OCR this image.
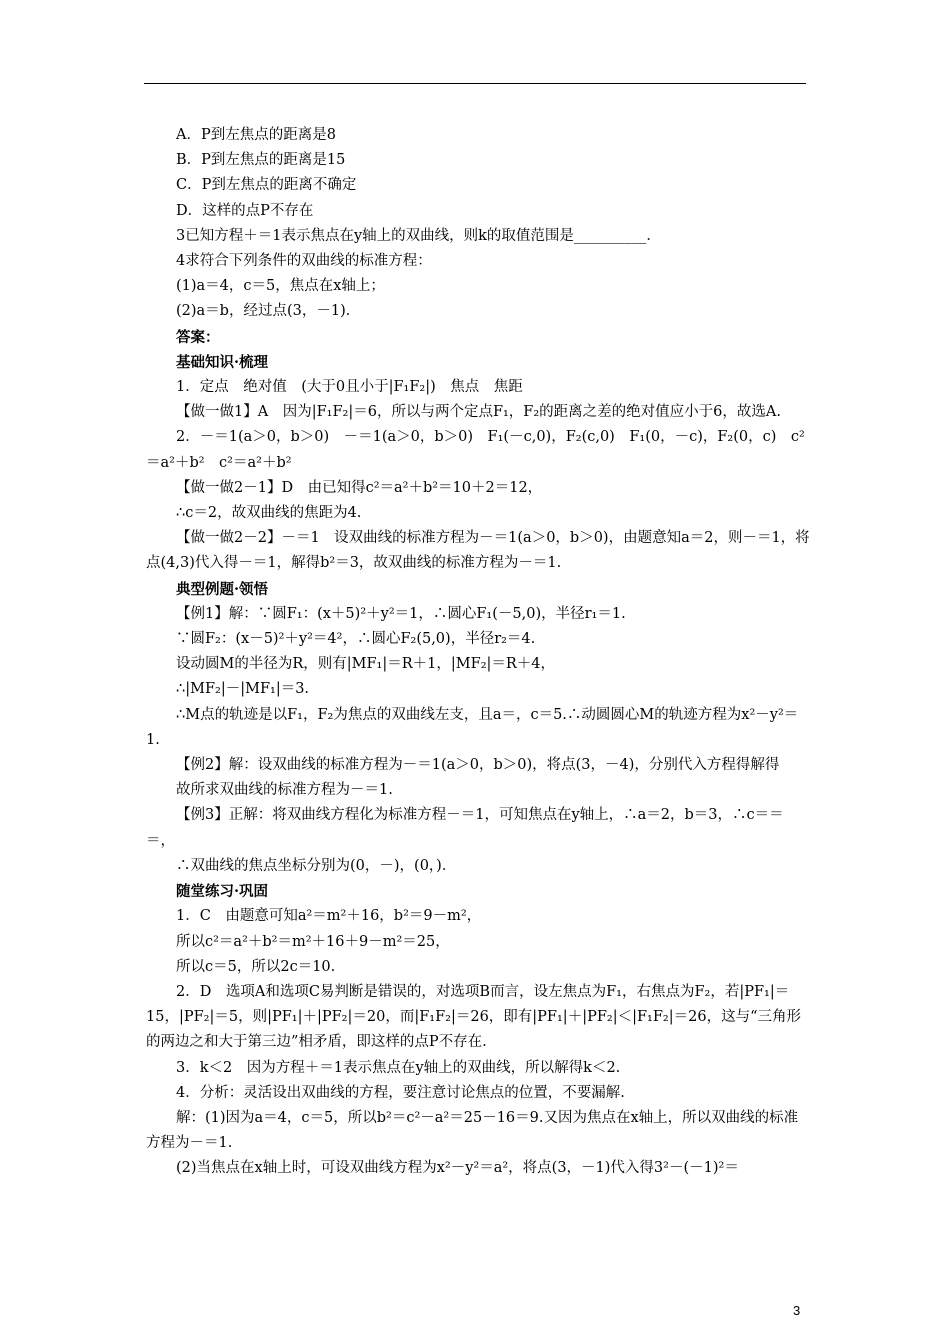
A．P到左焦点的距离是8

B．P到左焦点的距离是15

C．P到左焦点的距离不确定

D．这样的点P不存在

3已知方程＋＝1表示焦点在y轴上的双曲线，则k的取值范围是__________．

4求符合下列条件的双曲线的标准方程：

(1)a＝4，c＝5，焦点在x轴上；

(2)a＝b，经过点(3，－1)．

答案：

基础知识·梳理

1．定点　绝对值　(大于0且小于|F₁F₂|)　焦点　焦距

【做一做1】A　因为|F₁F₂|＝6，所以与两个定点F₁，F₂的距离之差的绝对值应小于6，故选A.

2．－＝1(a＞0，b＞0)　－＝1(a＞0，b＞0)　F₁(－c,0)，F₂(c,0)　F₁(0，－c)，F₂(0，c)　c²＝a²＋b²　c²＝a²＋b²

【做一做2－1】D　由已知得c²＝a²＋b²＝10＋2＝12，

∴c＝2，故双曲线的焦距为4.

【做一做2－2】－＝1　设双曲线的标准方程为－＝1(a＞0，b＞0)，由题意知a＝2，则－＝1，将点(4,3)代入得－＝1，解得b²＝3，故双曲线的标准方程为－＝1.

典型例题·领悟

【例1】解：∵圆F₁：(x＋5)²＋y²＝1，∴圆心F₁(－5,0)，半径r₁＝1.

∵圆F₂：(x－5)²＋y²＝4²，∴圆心F₂(5,0)，半径r₂＝4.

设动圆M的半径为R，则有|MF₁|＝R＋1，|MF₂|＝R＋4，

∴|MF₂|－|MF₁|＝3.

∴M点的轨迹是以F₁，F₂为焦点的双曲线左支，且a＝，c＝5.∴动圆圆心M的轨迹方程为x²－y²＝1.

【例2】解：设双曲线的标准方程为－＝1(a＞0，b＞0)，将点(3，－4)，分别代入方程得解得

故所求双曲线的标准方程为－＝1.

【例3】正解：将双曲线方程化为标准方程－＝1，可知焦点在y轴上，∴a＝2，b＝3，∴c＝＝＝，

∴双曲线的焦点坐标分别为(0，－)，(0，)．

随堂练习·巩固

1．C　由题意可知a²＝m²＋16，b²＝9－m²，

所以c²＝a²＋b²＝m²＋16＋9－m²＝25，

所以c＝5，所以2c＝10.

2．D　选项A和选项C易判断是错误的，对选项B而言，设左焦点为F₁，右焦点为F₂，若|PF₁|＝15，|PF₂|＝5，则|PF₁|＋|PF₂|＝20，而|F₁F₂|＝26，即有|PF₁|＋|PF₂|＜|F₁F₂|＝26，这与“三角形的两边之和大于第三边”相矛盾，即这样的点P不存在.

3．k＜2　因为方程＋＝1表示焦点在y轴上的双曲线，所以解得k＜2.

4．分析：灵活设出双曲线的方程，要注意讨论焦点的位置，不要漏解.

解：(1)因为a＝4，c＝5，所以b²＝c²－a²＝25－16＝9.又因为焦点在x轴上，所以双曲线的标准方程为－＝1.

(2)当焦点在x轴上时，可设双曲线方程为x²－y²＝a²，将点(3，－1)代入得3²－(－1)²＝

3
